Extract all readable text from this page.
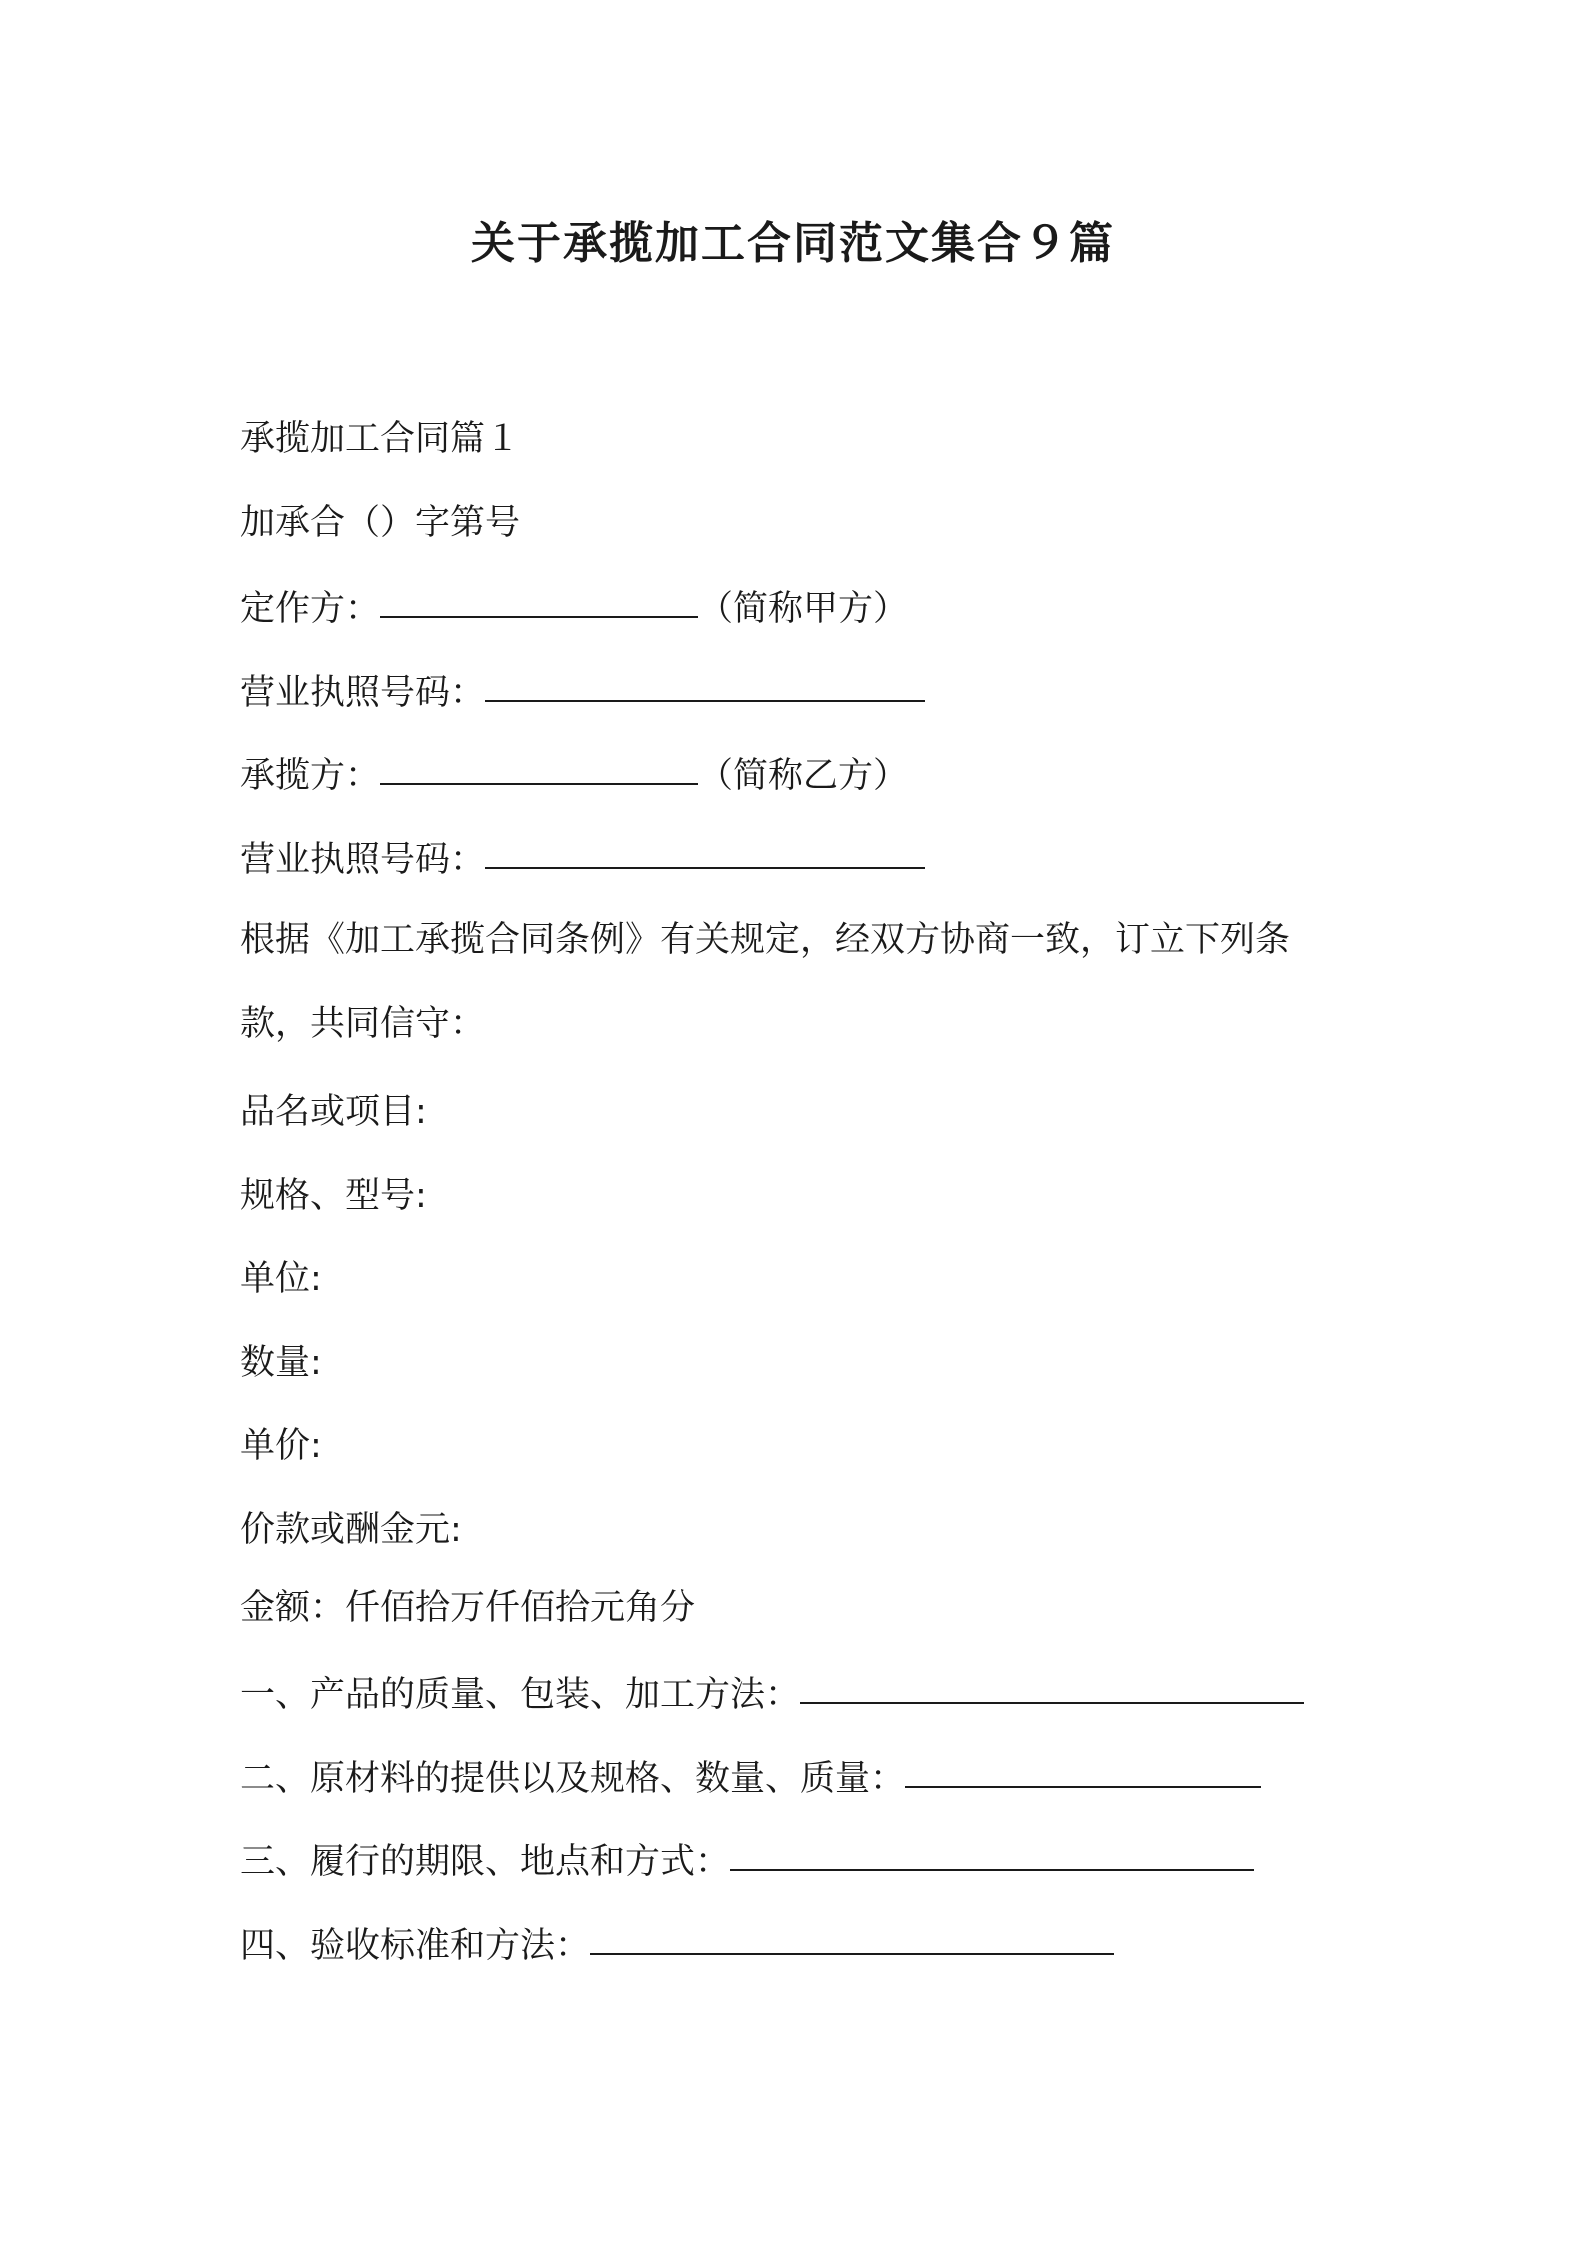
关于承揽加工合同范文集合９篇
承揽加工合同篇１
加承合（）字第号
定作方：	（简称甲方）
营业执照号码：
承揽方：	（简称乙方）
营业执照号码：
根据《加工承揽合同条例》有关规定，经双方协商一致，订立下列条
款，共同信守：
品名或项目:
规格、型号:
单位:
数量:
单价:
价款或酬金元:
金额：仟佰拾万仟佰拾元角分
一、产品的质量、包装、加工方法：
二、原材料的提供以及规格、数量、质量：
三、履行的期限、地点和方式：
四、验收标准和方法：
